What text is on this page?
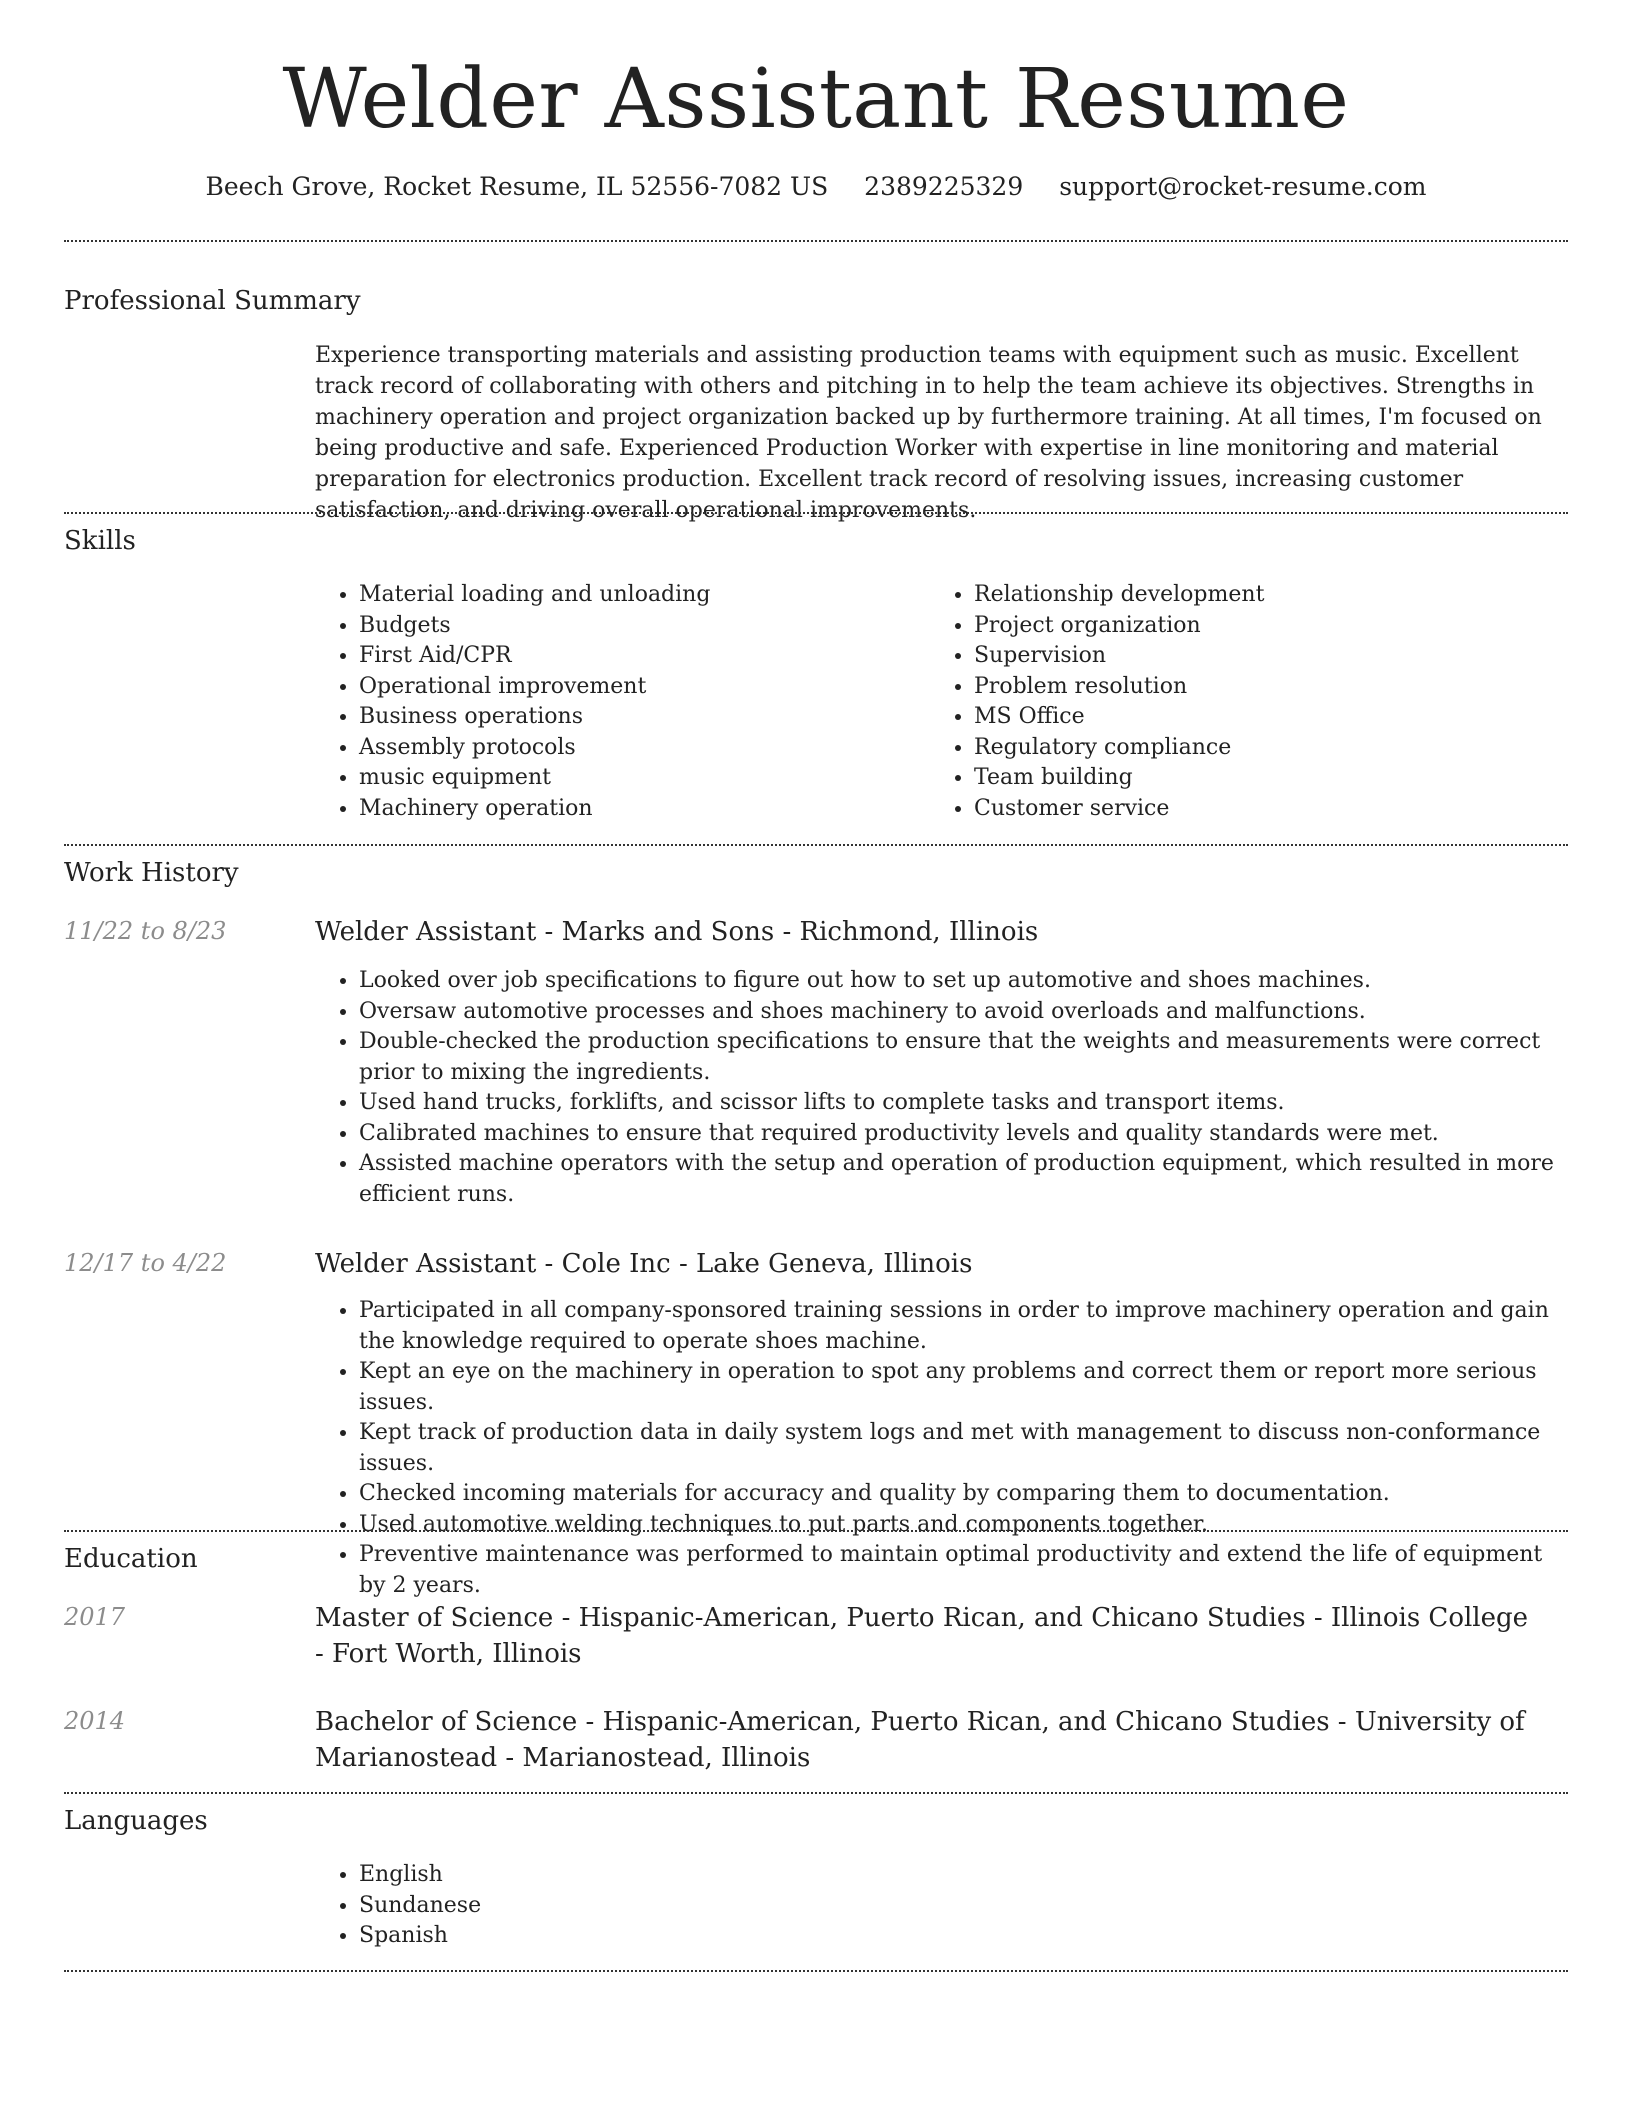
Welder Assistant Resume
Beech Grove, Rocket Resume, IL 52556-7082 US 2389225329 support@rocket-resume.com
Professional Summary
Experience transporting materials and assisting production teams with equipment such as music. Excellent track record of collaborating with others and pitching in to help the team achieve its objectives. Strengths in machinery operation and project organization backed up by furthermore training. At all times, I'm focused on being productive and safe. Experienced Production Worker with expertise in line monitoring and material preparation for electronics production. Excellent track record of resolving issues, increasing customer satisfaction, and driving overall operational improvements.
Skills
• Material loading and unloading
• Budgets
• First Aid/CPR
• Operational improvement
• Business operations
• Assembly protocols
• music equipment
• Machinery operation
• Relationship development
• Project organization
• Supervision
• Problem resolution
• MS Office
• Regulatory compliance
• Team building
• Customer service
Work History
11/22 to 8/23	Welder Assistant - Marks and Sons - Richmond, Illinois
• Looked over job specifications to figure out how to set up automotive and shoes machines.
• Oversaw automotive processes and shoes machinery to avoid overloads and malfunctions.
• Double-checked the production specifications to ensure that the weights and measurements were correct prior to mixing the ingredients.
• Used hand trucks, forklifts, and scissor lifts to complete tasks and transport items.
• Calibrated machines to ensure that required productivity levels and quality standards were met.
• Assisted machine operators with the setup and operation of production equipment, which resulted in more efficient runs.
12/17 to 4/22	Welder Assistant - Cole Inc - Lake Geneva, Illinois
• Participated in all company-sponsored training sessions in order to improve machinery operation and gain the knowledge required to operate shoes machine.
• Kept an eye on the machinery in operation to spot any problems and correct them or report more serious issues.
• Kept track of production data in daily system logs and met with management to discuss non-conformance issues.
• Checked incoming materials for accuracy and quality by comparing them to documentation.
• Used automotive welding techniques to put parts and components together.
• Preventive maintenance was performed to maintain optimal productivity and extend the life of equipment by 2 years.
Education
2017	Master of Science - Hispanic-American, Puerto Rican, and Chicano Studies - Illinois College - Fort Worth, Illinois
2014	Bachelor of Science - Hispanic-American, Puerto Rican, and Chicano Studies - University of Marianostead - Marianostead, Illinois
Languages
• English
• Sundanese
• Spanish
